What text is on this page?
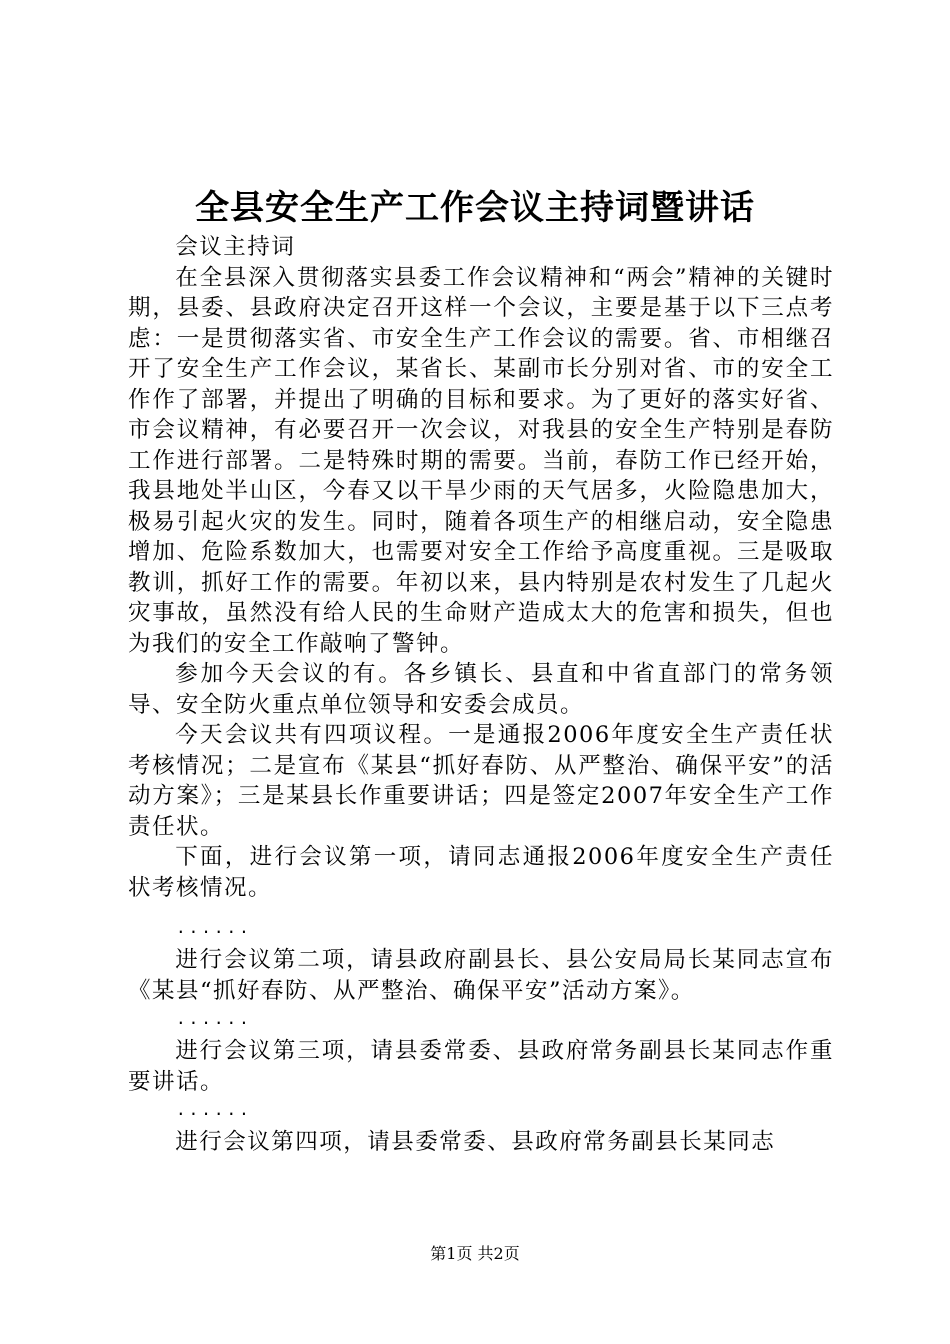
全县安全生产工作会议主持词暨讲话

会议主持词

在全县深入贯彻落实县委工作会议精神和“两会”精神的关键时期，县委、县政府决定召开这样一个会议，主要是基于以下三点考虑：一是贯彻落实省、市安全生产工作会议的需要。省、市相继召开了安全生产工作会议，某省长、某副市长分别对省、市的安全工作作了部署，并提出了明确的目标和要求。为了更好的落实好省、市会议精神，有必要召开一次会议，对我县的安全生产特别是春防工作进行部署。二是特殊时期的需要。当前，春防工作已经开始，我县地处半山区，今春又以干旱少雨的天气居多，火险隐患加大，极易引起火灾的发生。同时，随着各项生产的相继启动，安全隐患增加、危险系数加大，也需要对安全工作给予高度重视。三是吸取教训，抓好工作的需要。年初以来，县内特别是农村发生了几起火灾事故，虽然没有给人民的生命财产造成太大的危害和损失，但也为我们的安全工作敲响了警钟。

参加今天会议的有。各乡镇长、县直和中省直部门的常务领导、安全防火重点单位领导和安委会成员。

今天会议共有四项议程。一是通报2006年度安全生产责任状考核情况；二是宣布《某县“抓好春防、从严整治、确保平安”的活动方案》；三是某县长作重要讲话；四是签定2007年安全生产工作责任状。

下面，进行会议第一项，请同志通报2006年度安全生产责任状考核情况。

......

进行会议第二项，请县政府副县长、县公安局局长某同志宣布《某县“抓好春防、从严整治、确保平安”活动方案》。

......

进行会议第三项，请县委常委、县政府常务副县长某同志作重要讲话。

......

进行会议第四项，请县委常委、县政府常务副县长某同志

第1页 共2页
